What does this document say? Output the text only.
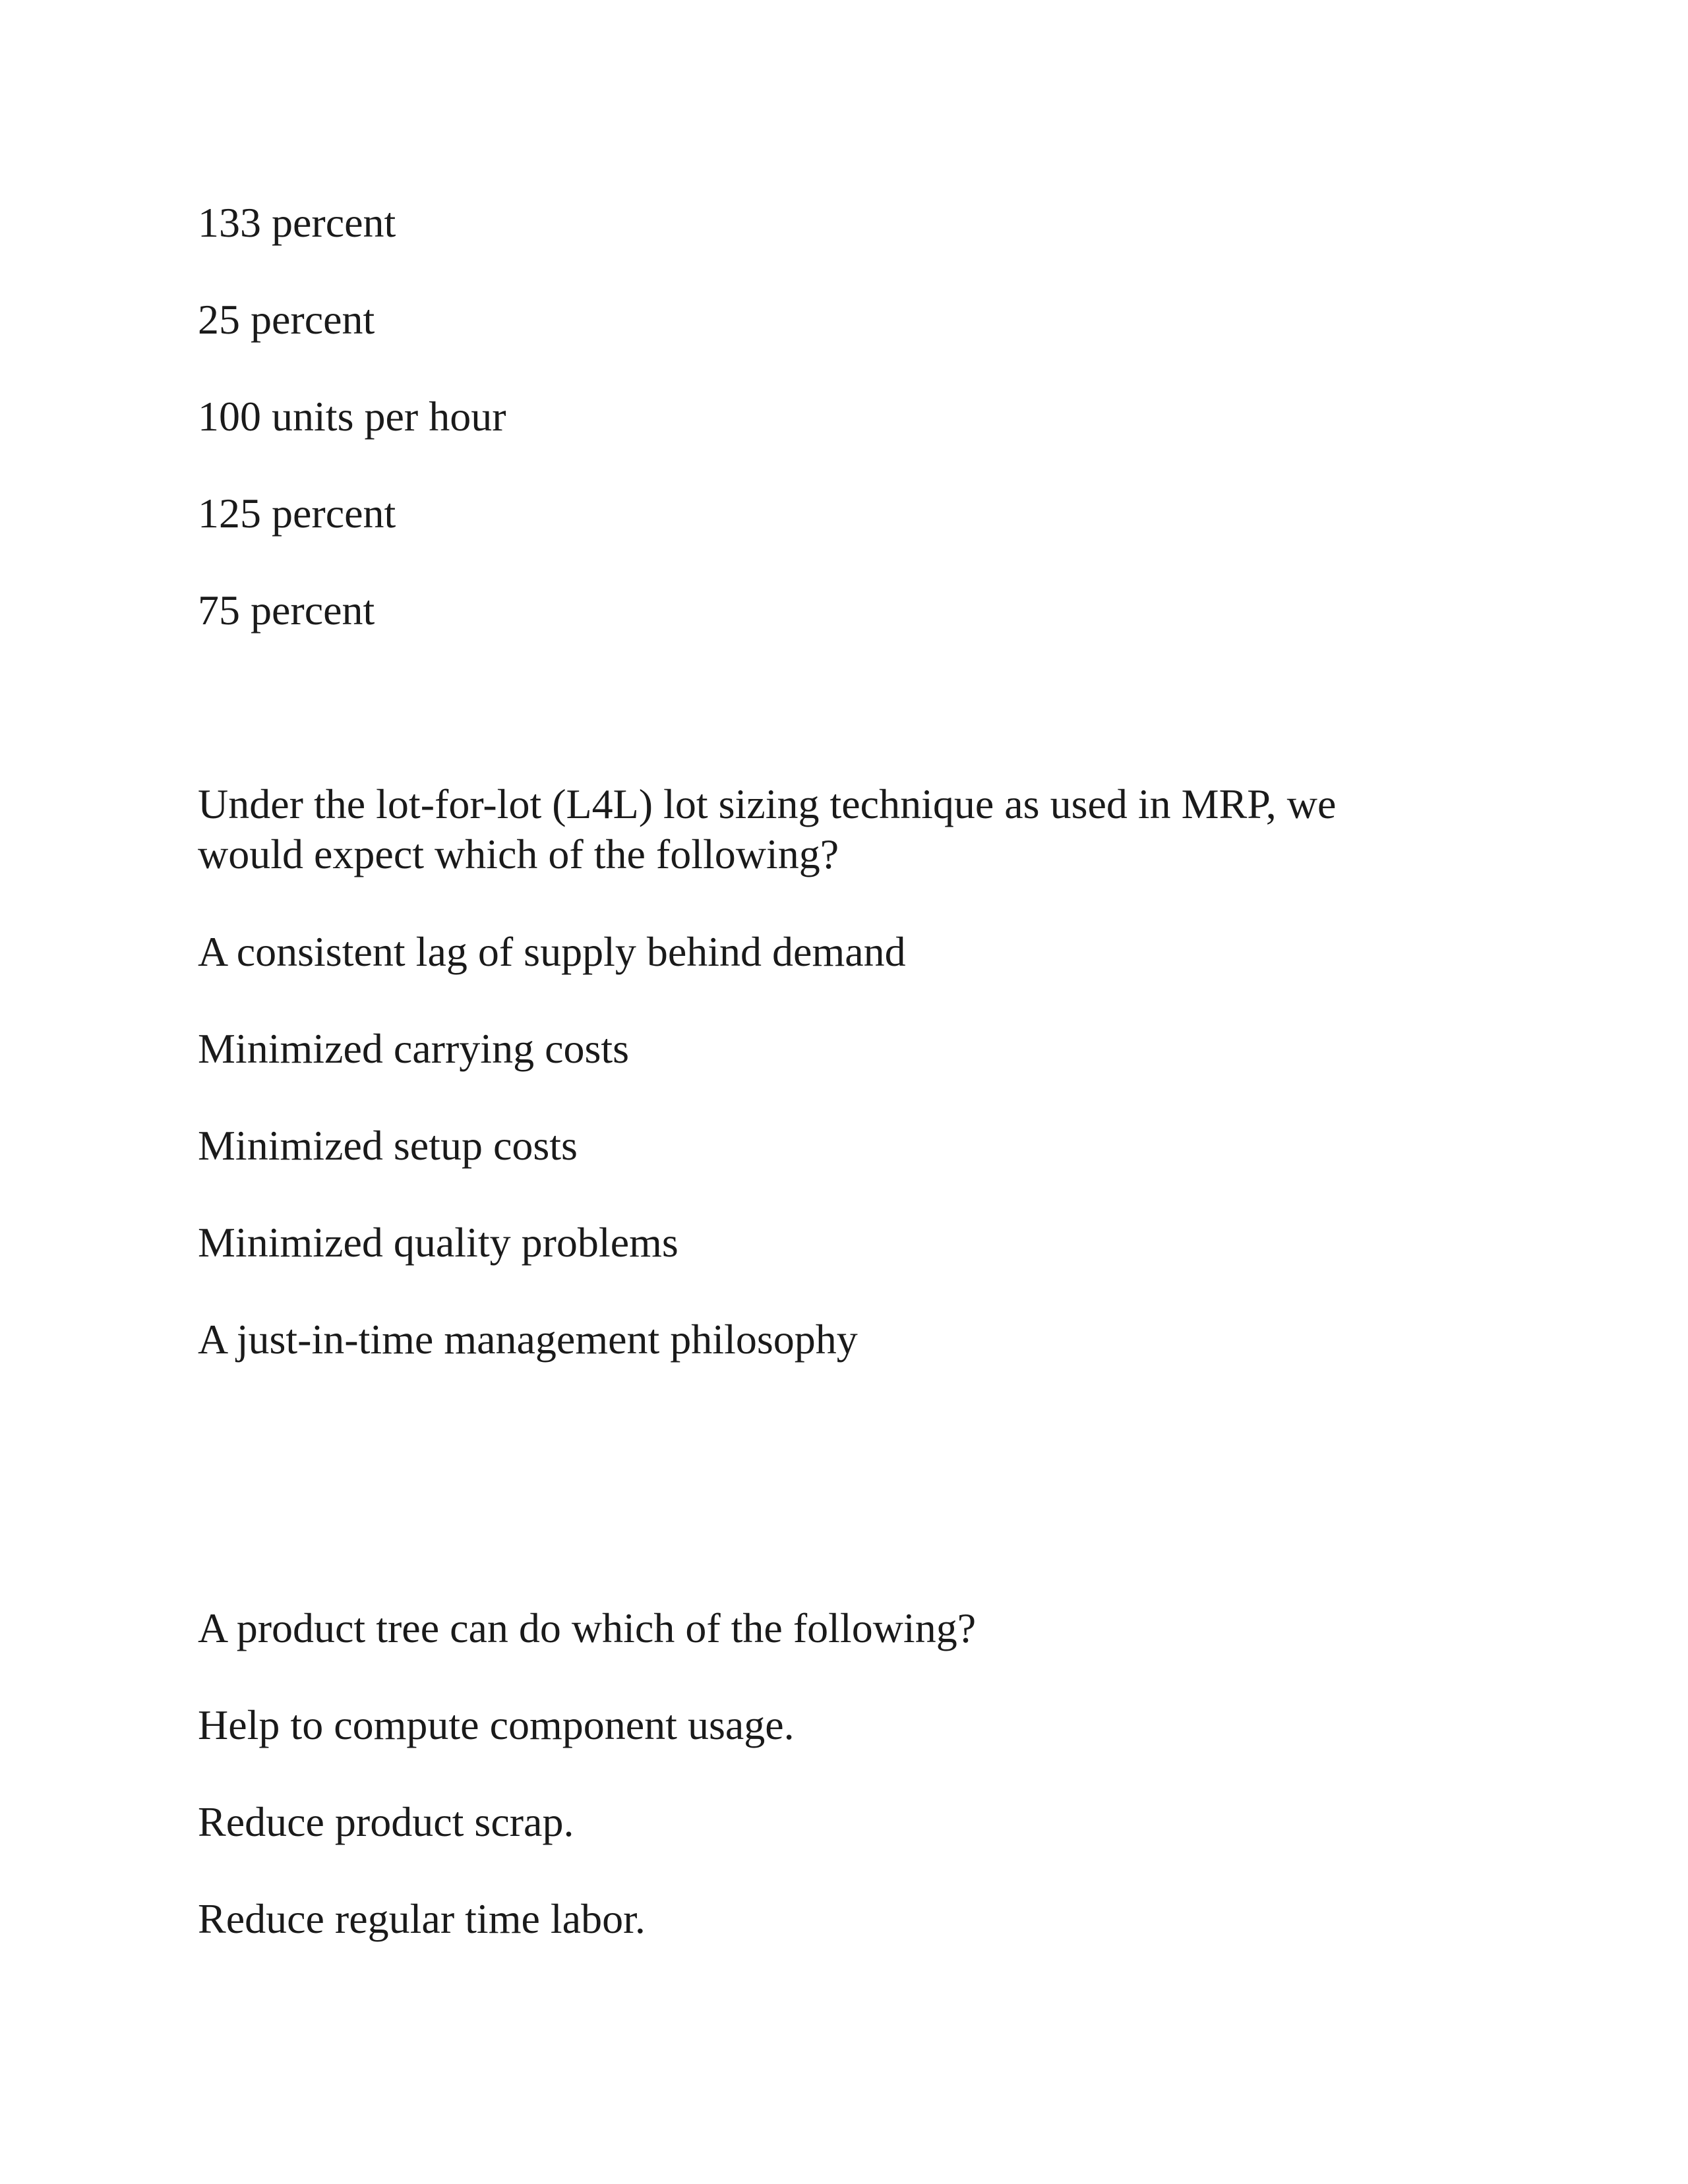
133 percent
25 percent
100 units per hour
125 percent
75 percent
Under the lot-for-lot (L4L) lot sizing technique as used in MRP, we would expect which of the following?
A consistent lag of supply behind demand
Minimized carrying costs
Minimized setup costs
Minimized quality problems
A just-in-time management philosophy
A product tree can do which of the following?
Help to compute component usage.
Reduce product scrap.
Reduce regular time labor.
